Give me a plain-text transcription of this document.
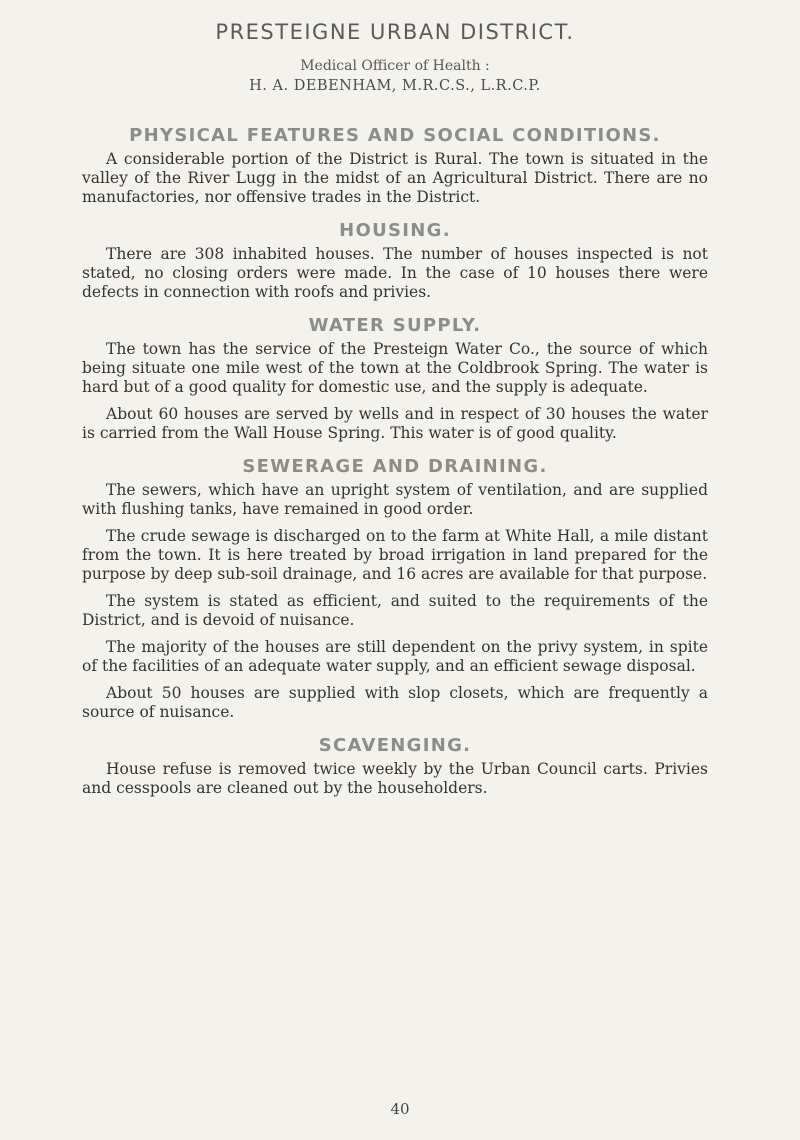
PRESTEIGNE URBAN DISTRICT.
Medical Officer of Health :
H. A. DEBENHAM, M.R.C.S., L.R.C.P.
PHYSICAL FEATURES AND SOCIAL CONDITIONS.

A considerable portion of the District is Rural. The town is situated in the valley of the River Lugg in the midst of an Agricultural District. There are no manufactories, nor offensive trades in the District.

HOUSING.

There are 308 inhabited houses. The number of houses inspected is not stated, no closing orders were made. In the case of 10 houses there were defects in connection with roofs and privies.

WATER SUPPLY.

The town has the service of the Presteign Water Co., the source of which being situate one mile west of the town at the Coldbrook Spring. The water is hard but of a good quality for domestic use, and the supply is adequate.

About 60 houses are served by wells and in respect of 30 houses the water is carried from the Wall House Spring. This water is of good quality.

SEWERAGE AND DRAINING.

The sewers, which have an upright system of ventilation, and are supplied with flushing tanks, have remained in good order.

The crude sewage is discharged on to the farm at White Hall, a mile distant from the town. It is here treated by broad irrigation in land prepared for the purpose by deep sub-soil drainage, and 16 acres are available for that purpose.

The system is stated as efficient, and suited to the requirements of the District, and is devoid of nuisance.

The majority of the houses are still dependent on the privy system, in spite of the facilities of an adequate water supply, and an efficient sewage disposal.

About 50 houses are supplied with slop closets, which are frequently a source of nuisance.

SCAVENGING.

House refuse is removed twice weekly by the Urban Council carts. Privies and cesspools are cleaned out by the householders.

40
